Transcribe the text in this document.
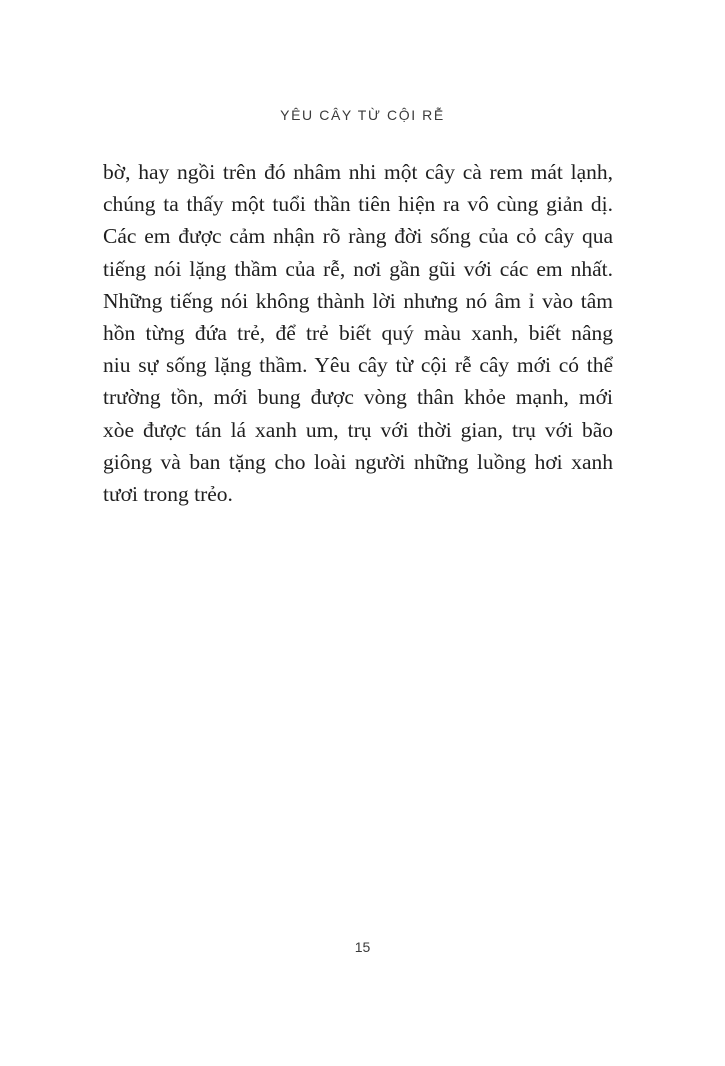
YÊU CÂY TỪ CỘI RỄ
bờ, hay ngồi trên đó nhâm nhi một cây cà rem mát lạnh,
chúng ta thấy một tuổi thần tiên hiện ra vô cùng giản dị.
Các em được cảm nhận rõ ràng đời sống của cỏ cây qua
tiếng nói lặng thầm của rễ, nơi gần gũi với các em nhất.
Những tiếng nói không thành lời nhưng nó âm ỉ vào tâm
hồn từng đứa trẻ, để trẻ biết quý màu xanh, biết nâng
niu sự sống lặng thầm. Yêu cây từ cội rễ cây mới có thể
trường tồn, mới bung được vòng thân khỏe mạnh, mới
xòe được tán lá xanh um, trụ với thời gian, trụ với bão
giông và ban tặng cho loài người những luồng hơi xanh
tươi trong trẻo.
15
